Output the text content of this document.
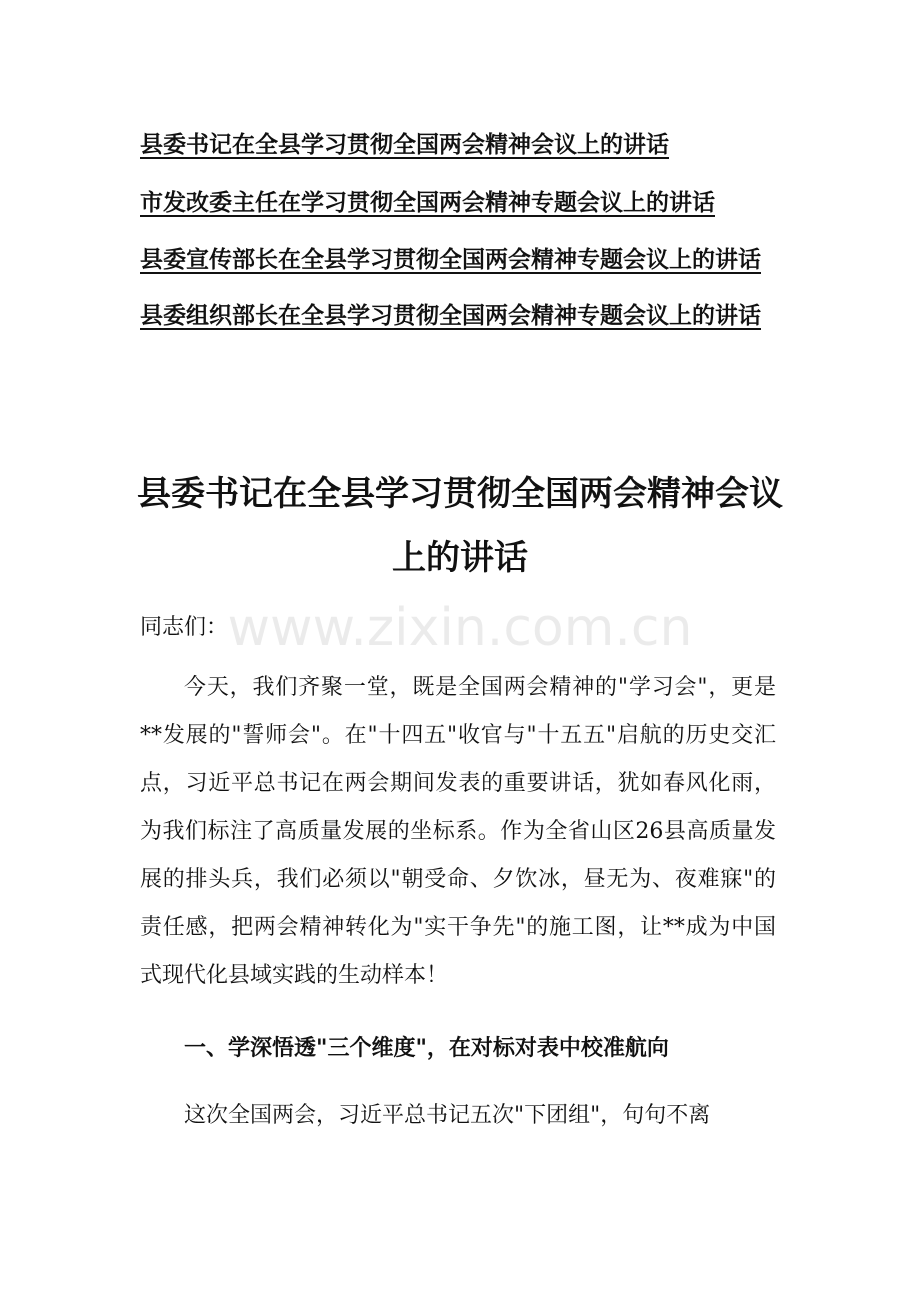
县委书记在全县学习贯彻全国两会精神会议上的讲话
市发改委主任在学习贯彻全国两会精神专题会议上的讲话
县委宣传部长在全县学习贯彻全国两会精神专题会议上的讲话
县委组织部长在全县学习贯彻全国两会精神专题会议上的讲话
县委书记在全县学习贯彻全国两会精神会议上的讲话
www.zixin.com.cn

同志们：

今天，我们齐聚一堂，既是全国两会精神的"学习会"，更是**发展的"誓师会"。在"十四五"收官与"十五五"启航的历史交汇点，习近平总书记在两会期间发表的重要讲话，犹如春风化雨，为我们标注了高质量发展的坐标系。作为全省山区26县高质量发展的排头兵，我们必须以"朝受命、夕饮冰，昼无为、夜难寐"的责任感，把两会精神转化为"实干争先"的施工图，让**成为中国式现代化县域实践的生动样本！

一、学深悟透"三个维度"，在对标对表中校准航向

这次全国两会，习近平总书记五次"下团组"，句句不离
